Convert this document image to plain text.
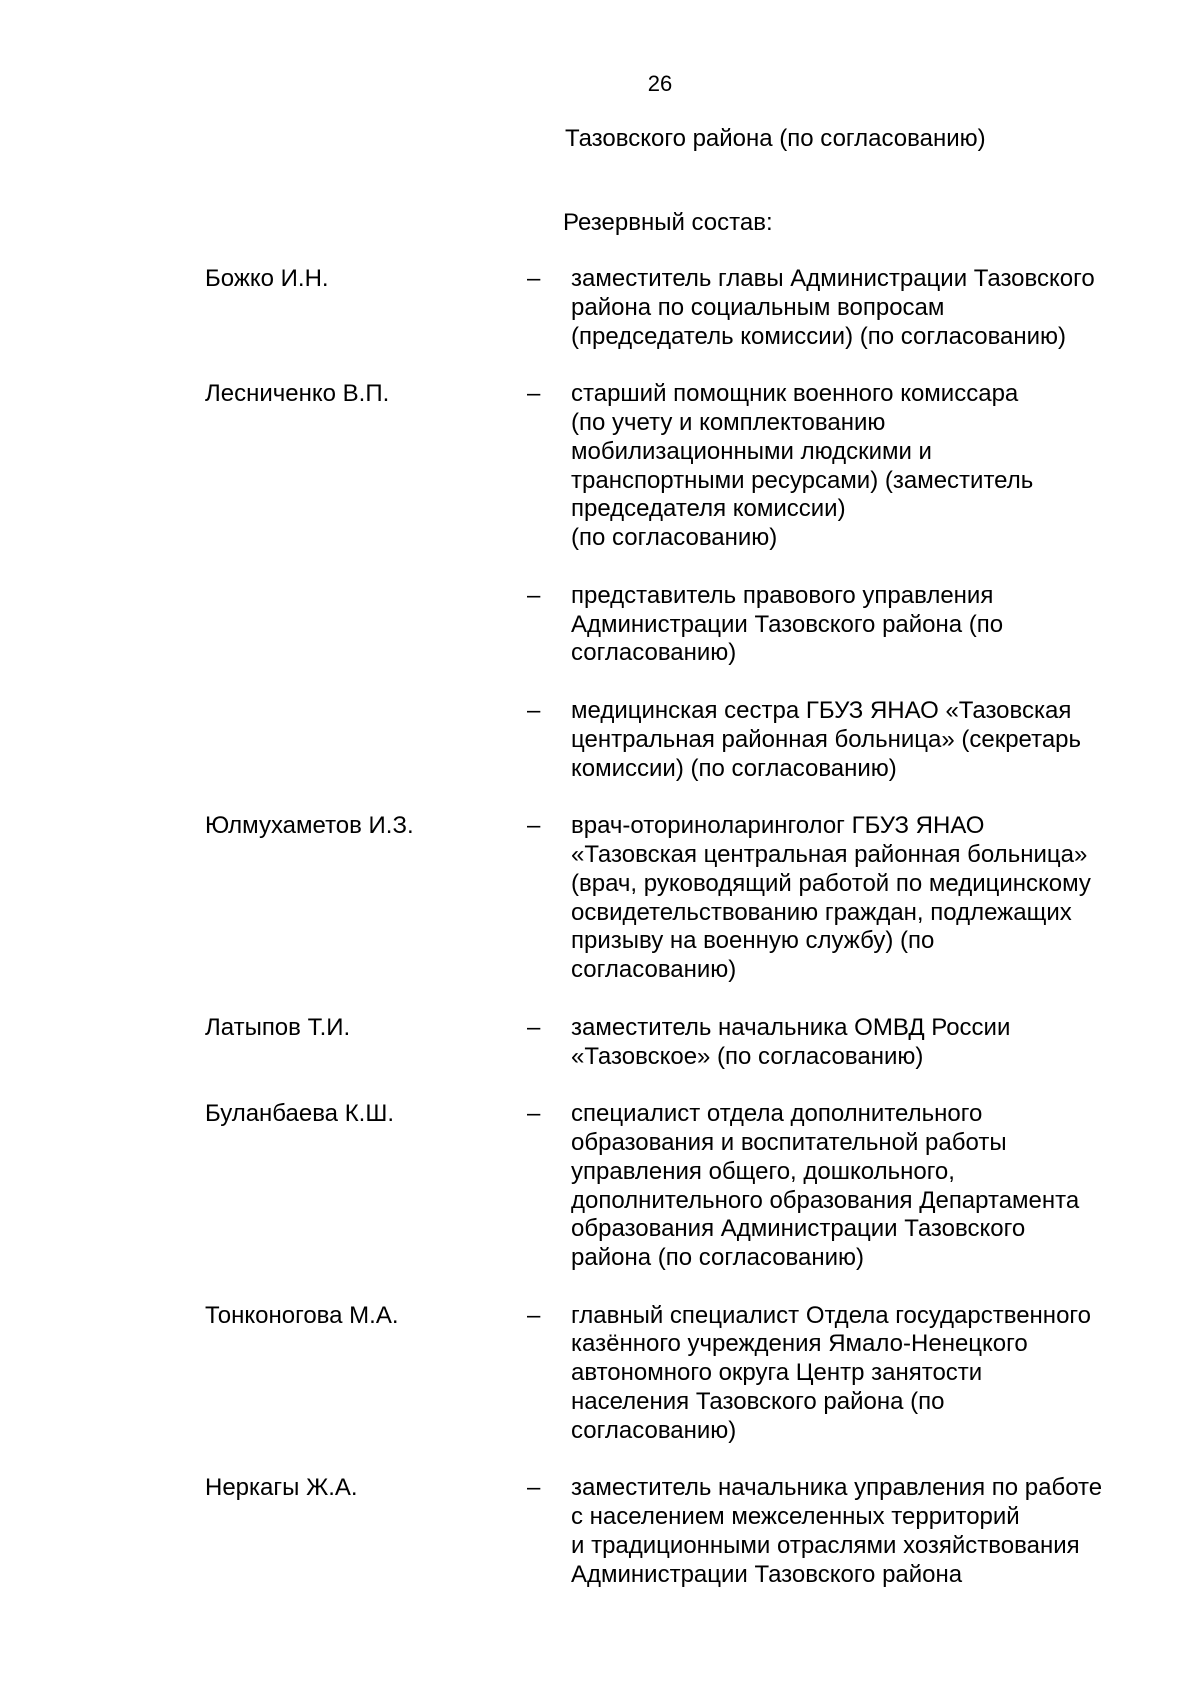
26
Тазовского района (по согласованию)
Резервный состав:
Божко И.Н.	–	заместитель главы Администрации Тазовского
района по социальным вопросам
(председатель комиссии) (по согласованию)
Лесниченко В.П.	–	старший помощник военного комиссара
(по учету и комплектованию
мобилизационными людскими и
транспортными ресурсами) (заместитель
председателя комиссии)
(по согласованию)
–	представитель правового управления
Администрации Тазовского района (по
согласованию)
–	медицинская сестра ГБУЗ ЯНАО «Тазовская
центральная районная больница» (секретарь
комиссии) (по согласованию)
Юлмухаметов И.З.	–	врач-оториноларинголог ГБУЗ ЯНАО
«Тазовская центральная районная больница»
(врач, руководящий работой по медицинскому
освидетельствованию граждан, подлежащих
призыву на военную службу) (по
согласованию)
Латыпов Т.И.	–	заместитель начальника ОМВД России
«Тазовское» (по согласованию)
Буланбаева К.Ш.	–	специалист отдела дополнительного
образования и воспитательной работы
управления общего, дошкольного,
дополнительного образования Департамента
образования Администрации Тазовского
района (по согласованию)
Тонконогова М.А.	–	главный специалист Отдела государственного
казённого учреждения Ямало-Ненецкого
автономного округа Центр занятости
населения Тазовского района (по
согласованию)
Неркагы Ж.А.	–	заместитель начальника управления по работе
с населением межселенных территорий
и традиционными отраслями хозяйствования
Администрации Тазовского района
